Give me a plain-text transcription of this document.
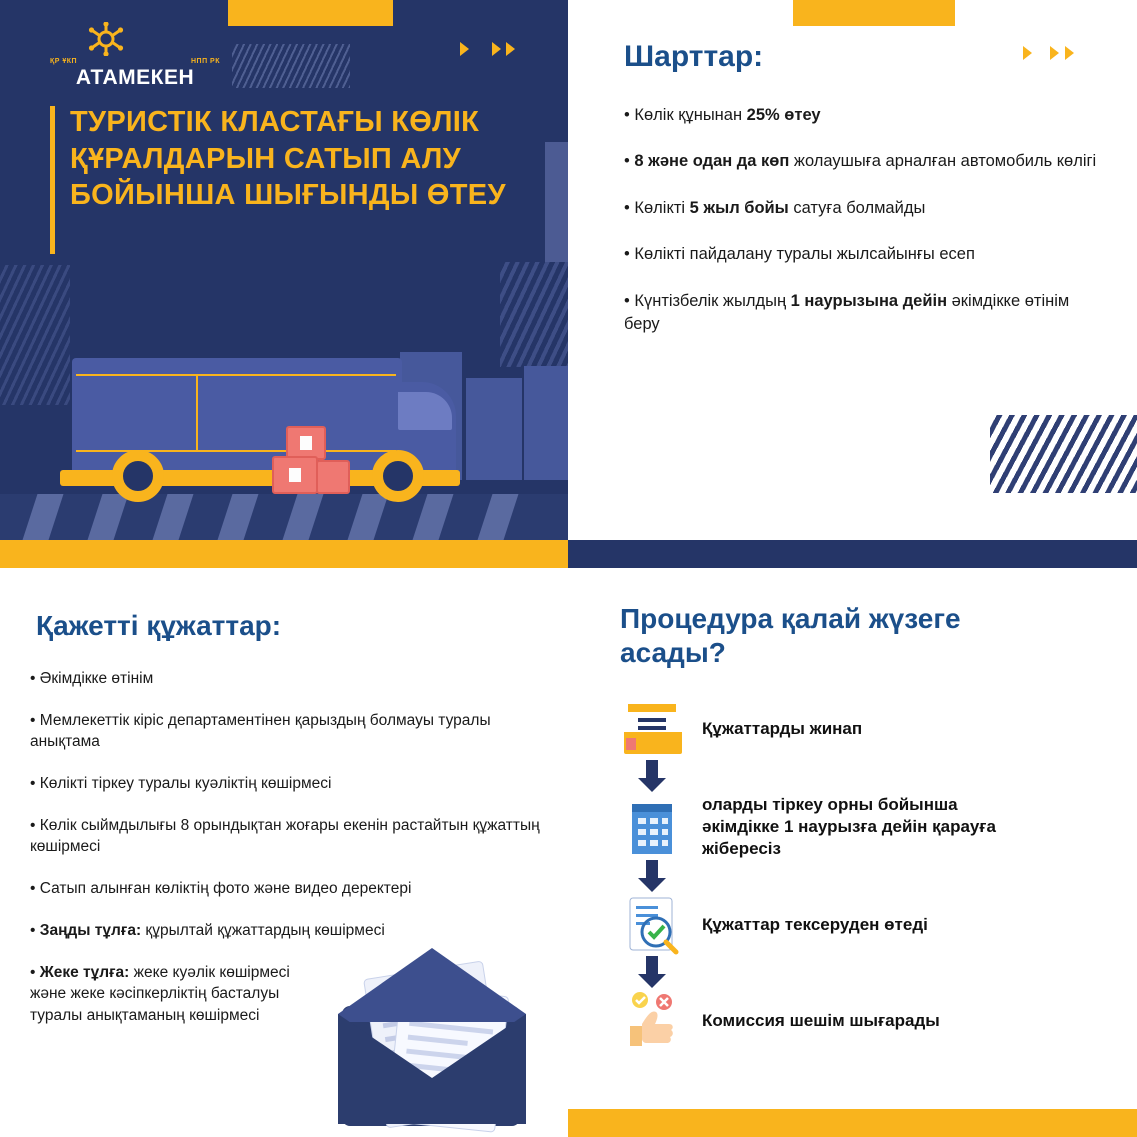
ҚР ҰКП	НПП РК
АТАМЕКЕН
ТУРИСТІК КЛАСТАҒЫ КӨЛІК ҚҰРАЛДАРЫН САТЫП АЛУ БОЙЫНША ШЫҒЫНДЫ ӨТЕУ
Шарттар:
• Көлік құнынан 25% өтеу
• 8 және одан да көп жолаушыға арналған автомобиль көлігі
• Көлікті 5 жыл бойы сатуға болмайды
• Көлікті пайдалану туралы жылсайынғы есеп
• Күнтізбелік жылдың 1 наурызына дейін әкімдікке өтінім беру
Қажетті құжаттар:
• Әкімдікке өтінім
• Мемлекеттік кіріс департаментінен қарыздың болмауы туралы анықтама
• Көлікті тіркеу туралы куәліктің көшірмесі
• Көлік сыймдылығы 8 орындықтан жоғары екенін растайтын құжаттың көшірмесі
• Сатып алынған көліктің фото және видео деректері
• Заңды тұлға: құрылтай құжаттардың көшірмесі
• Жеке тұлға: жеке куәлік көшірмесі және жеке кәсіпкерліктің басталуы туралы анықтаманың көшірмесі
Процедура қалай жүзеге асады?
Құжаттарды жинап
оларды тіркеу орны бойынша әкімдікке 1 наурызға дейін қарауға жібересіз
Құжаттар тексеруден өтеді
Комиссия шешім шығарады
